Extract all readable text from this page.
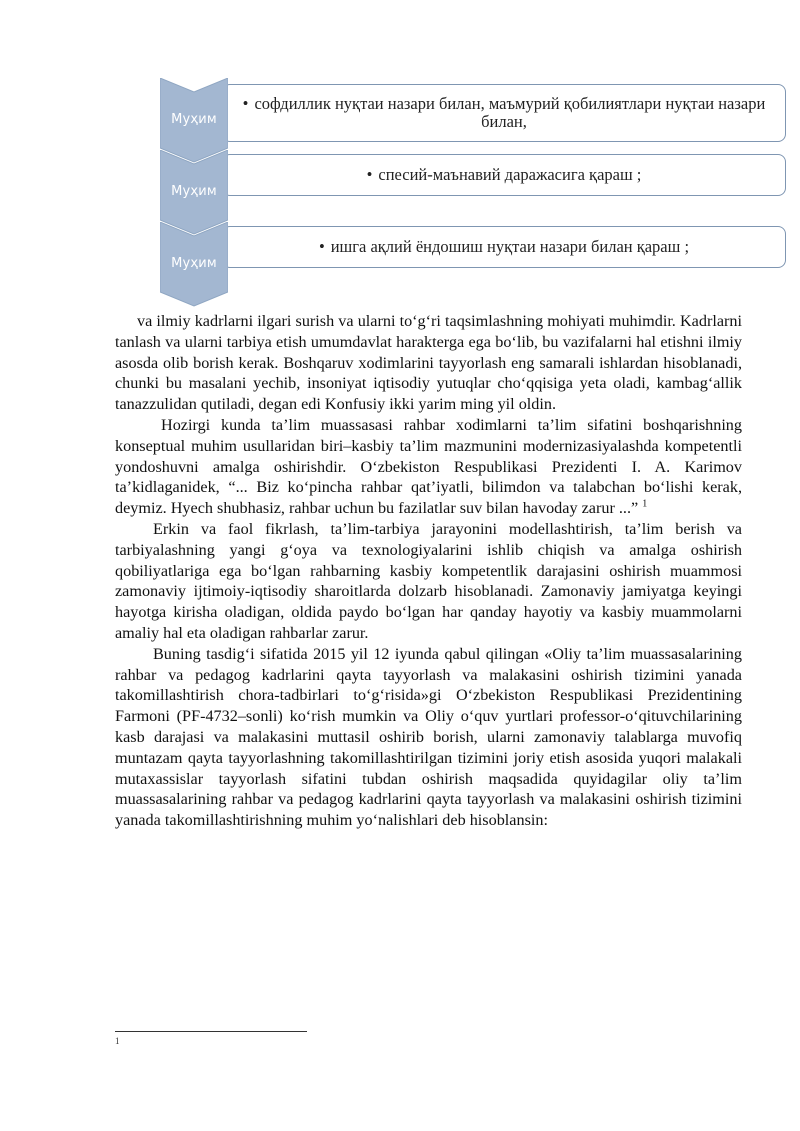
• софдиллик нуқтаи назари билан, маъмурий қобилиятлари нуқтаи назари билан,
Муҳим
• спесий-маънавий даражасига қараш ;
Муҳим
• ишга ақлий ёндошиш нуқтаи назари билан қараш ;
Муҳим

va ilmiy kadrlarni ilgari surish va ularni to‘g‘ri taqsimlashning mohiyati muhimdir. Kadrlarni tanlash va ularni tarbiya etish umumdavlat harakterga ega bo‘lib, bu vazifalarni hal etishni ilmiy asosda olib borish kerak. Boshqaruv xodimlarini tayyorlash eng samarali ishlardan hisoblanadi, chunki bu masalani yechib, insoniyat iqtisodiy yutuqlar cho‘qqisiga yeta oladi, kambag‘allik tanazzulidan qutiladi, degan edi Konfusiy ikki yarim ming yil oldin.

Hozirgi kunda ta’lim muassasasi rahbar xodimlarni ta’lim sifatini boshqarishning konseptual muhim usullaridan biri–kasbiy ta’lim mazmunini modernizasiyalashda kompetentli yondoshuvni amalga oshirishdir. O‘zbekiston Respublikasi Prezidenti I. A. Karimov ta’kidlaganidek, “... Biz ko‘pincha rahbar qat’iyatli, bilimdon va talabchan bo‘lishi kerak, deymiz. Hyech shubhasiz, rahbar uchun bu fazilatlar suv bilan havoday zarur ...” $^1$

Erkin va faol fikrlash, ta’lim-tarbiya jarayonini modellashtirish, ta’lim berish va tarbiyalashning yangi g‘oya va texnologiyalarini ishlib chiqish va amalga oshirish qobiliyatlariga ega bo‘lgan rahbarning kasbiy kompetentlik darajasini oshirish muammosi zamonaviy ijtimoiy-iqtisodiy sharoitlarda dolzarb hisoblanadi. Zamonaviy jamiyatga keyingi hayotga kirisha oladigan, oldida paydo bo‘lgan har qanday hayotiy va kasbiy muammolarni amaliy hal eta oladigan rahbarlar zarur.

Buning tasdig‘i sifatida 2015 yil 12 iyunda qabul qilingan «Oliy ta’lim muassasalarining rahbar va pedagog kadrlarini qayta tayyorlash va malakasini oshirish tizimini yanada takomillashtirish chora-tadbirlari to‘g‘risida»gi O‘zbekiston Respublikasi Prezidentining Farmoni (PF-4732–sonli) ko‘rish mumkin va Oliy o‘quv yurtlari professor-o‘qituvchilarining kasb darajasi va malakasini muttasil oshirib borish, ularni zamonaviy talablarga muvofiq muntazam qayta tayyorlashning takomillashtirilgan tizimini joriy etish asosida yuqori malakali mutaxassislar tayyorlash sifatini tubdan oshirish maqsadida quyidagilar oliy ta’lim muassasalarining rahbar va pedagog kadrlarini qayta tayyorlash va malakasini oshirish tizimini yanada takomillashtirishning muhim yo‘nalishlari deb hisoblansin:

1
